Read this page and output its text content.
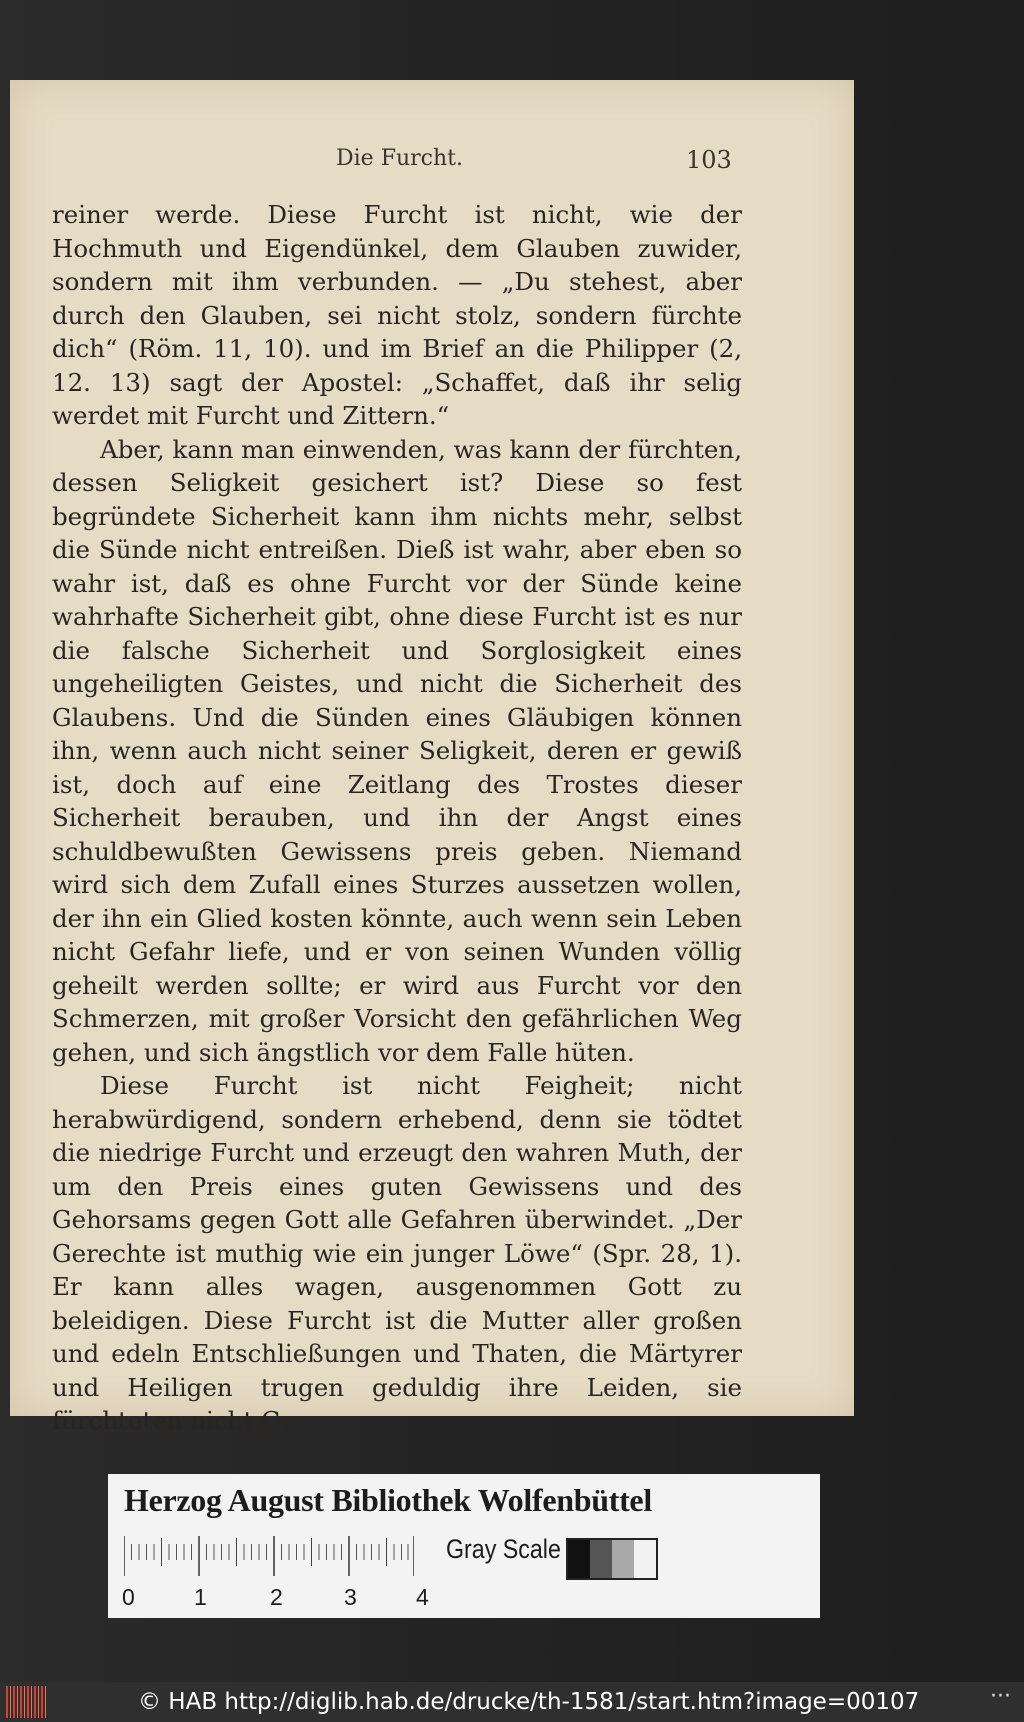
Die Furcht.	103

reiner werde. Diese Furcht ist nicht, wie der Hochmuth und Eigendünkel, dem Glauben zuwider, sondern mit ihm verbunden. — „Du stehest, aber durch den Glauben, sei nicht stolz, sondern fürchte dich“ (Röm. 11, 10). und im Brief an die Philipper (2, 12. 13) sagt der Apostel: „Schaffet, daß ihr selig werdet mit Furcht und Zittern.“

Aber, kann man einwenden, was kann der fürchten, dessen Seligkeit gesichert ist? Diese so fest begründete Sicherheit kann ihm nichts mehr, selbst die Sünde nicht entreißen. Dieß ist wahr, aber eben so wahr ist, daß es ohne Furcht vor der Sünde keine wahrhafte Sicherheit gibt, ohne diese Furcht ist es nur die falsche Sicherheit und Sorglosigkeit eines ungeheiligten Geistes, und nicht die Sicherheit des Glaubens. Und die Sünden eines Gläubigen können ihn, wenn auch nicht seiner Seligkeit, deren er gewiß ist, doch auf eine Zeitlang des Trostes dieser Sicherheit berauben, und ihn der Angst eines schuldbewußten Gewissens preis geben. Niemand wird sich dem Zufall eines Sturzes aussetzen wollen, der ihn ein Glied kosten könnte, auch wenn sein Leben nicht Gefahr liefe, und er von seinen Wunden völlig geheilt werden sollte; er wird aus Furcht vor den Schmerzen, mit großer Vorsicht den gefährlichen Weg gehen, und sich ängstlich vor dem Falle hüten.

Diese Furcht ist nicht Feigheit; nicht herabwürdigend, sondern erhebend, denn sie tödtet die niedrige Furcht und erzeugt den wahren Muth, der um den Preis eines guten Gewissens und des Gehorsams gegen Gott alle Gefahren überwindet. „Der Gerechte ist muthig wie ein junger Löwe“ (Spr. 28, 1). Er kann alles wagen, ausgenommen Gott zu beleidigen. Diese Furcht ist die Mutter aller großen und edeln Entschließungen und Thaten, die Märtyrer und Heiligen trugen geduldig ihre Leiden, sie fürchteten nicht Ge-

Herzog August Bibliothek Wolfenbüttel
0	1	2	3	4
Gray Scale
© HAB http://diglib.hab.de/drucke/th-1581/start.htm?image=00107	···
